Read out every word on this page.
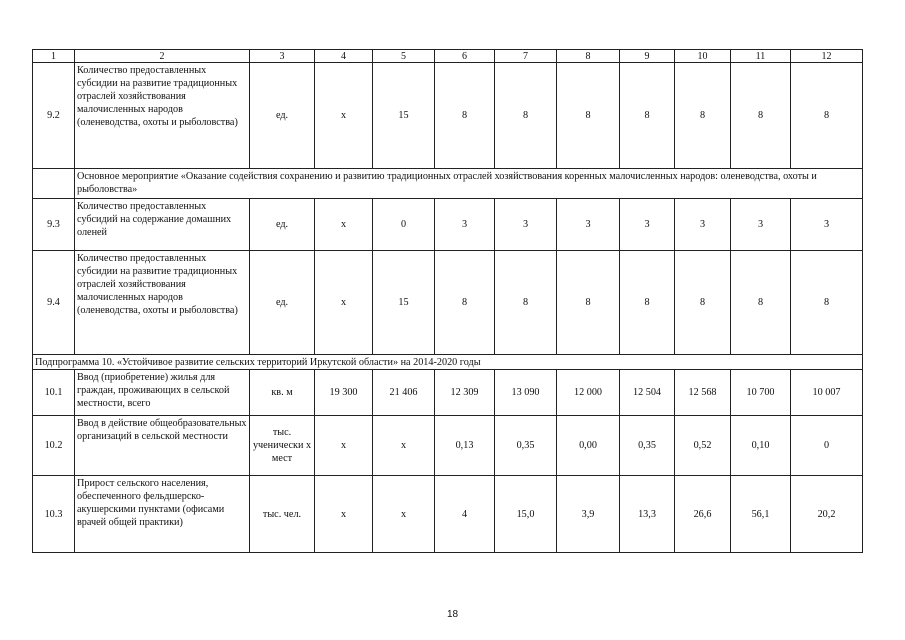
1	2	3	4	5	6	7	8	9	10	11	12
9.2	Количество предоставленных субсидии на развитие традиционных отраслей хозяйствования малочисленных народов (оленеводства, охоты и рыболовства)	ед.	х	15	8	8	8	8	8	8	8
	Основное мероприятие «Оказание содействия сохранению и развитию традиционных отраслей хозяйствования коренных малочисленных народов: оленеводства, охоты и рыболовства»										
9.3	Количество предоставленных субсидий на содержание домашних оленей	ед.	х	0	3	3	3	3	3	3	3
9.4	Количество предоставленных субсидии на развитие традиционных отраслей хозяйствования малочисленных народов (оленеводства, охоты и рыболовства)	ед.	х	15	8	8	8	8	8	8	8
Подпрограмма 10. «Устойчивое развитие сельских территорий Иркутской области» на 2014-2020 годы											
10.1	Ввод (приобретение) жилья для граждан, проживающих в сельской местности, всего	кв. м	19 300	21 406	12 309	13 090	12 000	12 504	12 568	10 700	10 007
10.2	Ввод в действие общеобразовательных организаций в сельской местности	тыс. ученически х мест	х	х	0,13	0,35	0,00	0,35	0,52	0,10	0
10.3	Прирост сельского населения, обеспеченного фельдшерско-акушерскими пунктами (офисами врачей общей практики)	тыс. чел.	х	х	4	15,0	3,9	13,3	26,6	56,1	20,2
18
